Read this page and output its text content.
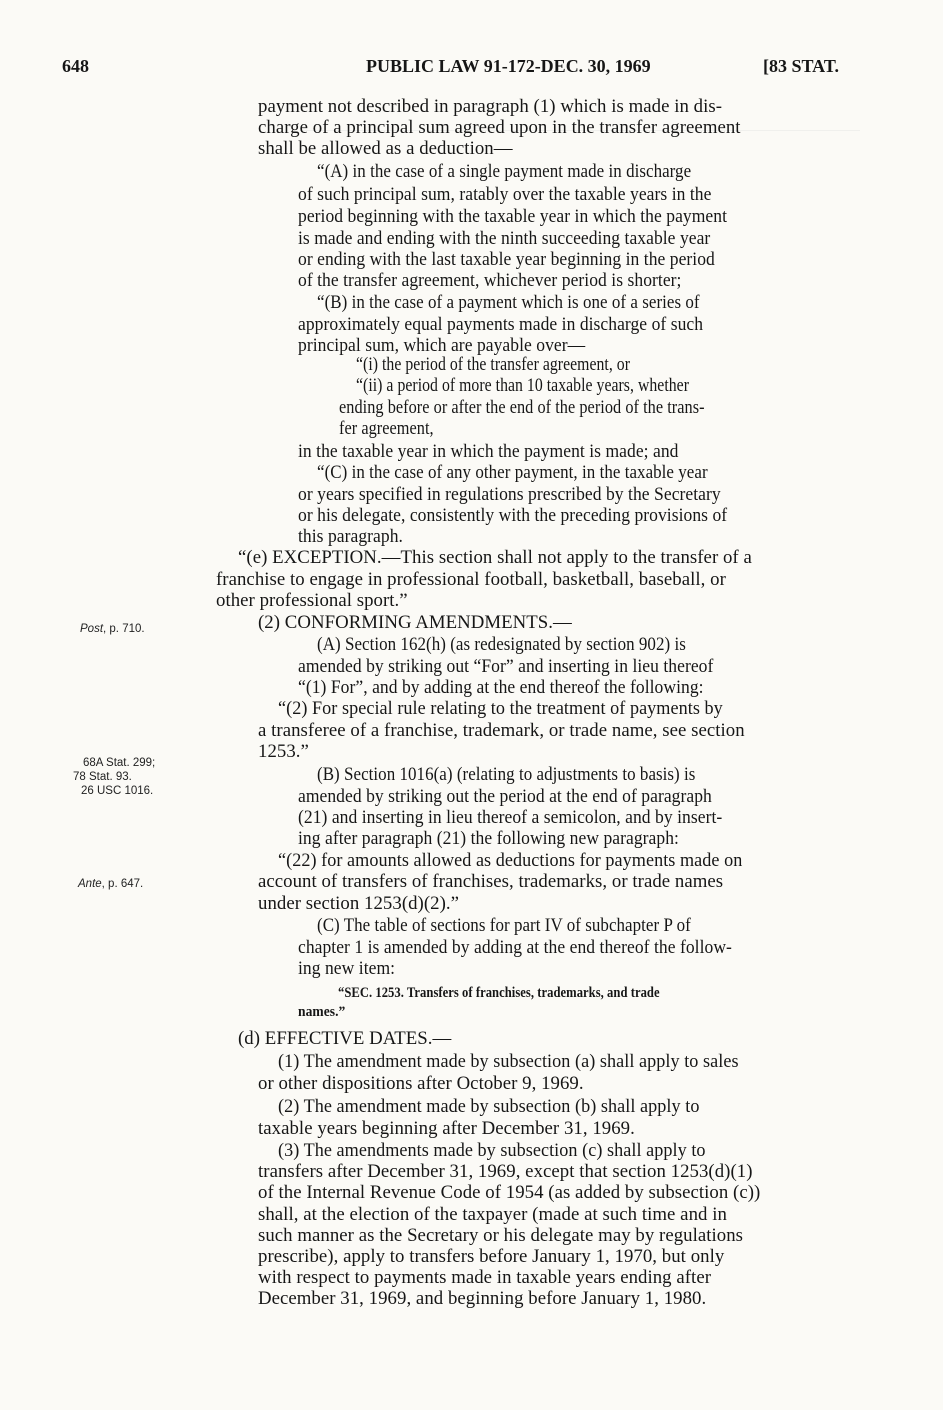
648	PUBLIC LAW 91-172-DEC. 30, 1969	[83 STAT.
Post, p. 710.
68A Stat. 299;
78 Stat. 93.
26 USC 1016.
Ante, p. 647.
payment not described in paragraph (1) which is made in dis-
charge of a principal sum agreed upon in the transfer agreement
shall be allowed as a deduction—
“(A) in the case of a single payment made in discharge
of such principal sum, ratably over the taxable years in the
period beginning with the taxable year in which the payment
is made and ending with the ninth succeeding taxable year
or ending with the last taxable year beginning in the period
of the transfer agreement, whichever period is shorter;
“(B) in the case of a payment which is one of a series of
approximately equal payments made in discharge of such
principal sum, which are payable over—
“(i) the period of the transfer agreement, or
“(ii) a period of more than 10 taxable years, whether
ending before or after the end of the period of the trans-
fer agreement,
in the taxable year in which the payment is made; and
“(C) in the case of any other payment, in the taxable year
or years specified in regulations prescribed by the Secretary
or his delegate, consistently with the preceding provisions of
this paragraph.
“(e) EXCEPTION.—This section shall not apply to the transfer of a
franchise to engage in professional football, basketball, baseball, or
other professional sport.”
(2) CONFORMING AMENDMENTS.—
(A) Section 162(h) (as redesignated by section 902) is
amended by striking out “For” and inserting in lieu thereof
“(1) For”, and by adding at the end thereof the following:
“(2) For special rule relating to the treatment of payments by
a transferee of a franchise, trademark, or trade name, see section
1253.”
(B) Section 1016(a) (relating to adjustments to basis) is
amended by striking out the period at the end of paragraph
(21) and inserting in lieu thereof a semicolon, and by insert-
ing after paragraph (21) the following new paragraph:
“(22) for amounts allowed as deductions for payments made on
account of transfers of franchises, trademarks, or trade names
under section 1253(d)(2).”
(C) The table of sections for part IV of subchapter P of
chapter 1 is amended by adding at the end thereof the follow-
ing new item:
“SEC. 1253. Transfers of franchises, trademarks, and trade
names.”
(d) EFFECTIVE DATES.—
(1) The amendment made by subsection (a) shall apply to sales
or other dispositions after October 9, 1969.
(2) The amendment made by subsection (b) shall apply to
taxable years beginning after December 31, 1969.
(3) The amendments made by subsection (c) shall apply to
transfers after December 31, 1969, except that section 1253(d)(1)
of the Internal Revenue Code of 1954 (as added by subsection (c))
shall, at the election of the taxpayer (made at such time and in
such manner as the Secretary or his delegate may by regulations
prescribe), apply to transfers before January 1, 1970, but only
with respect to payments made in taxable years ending after
December 31, 1969, and beginning before January 1, 1980.
